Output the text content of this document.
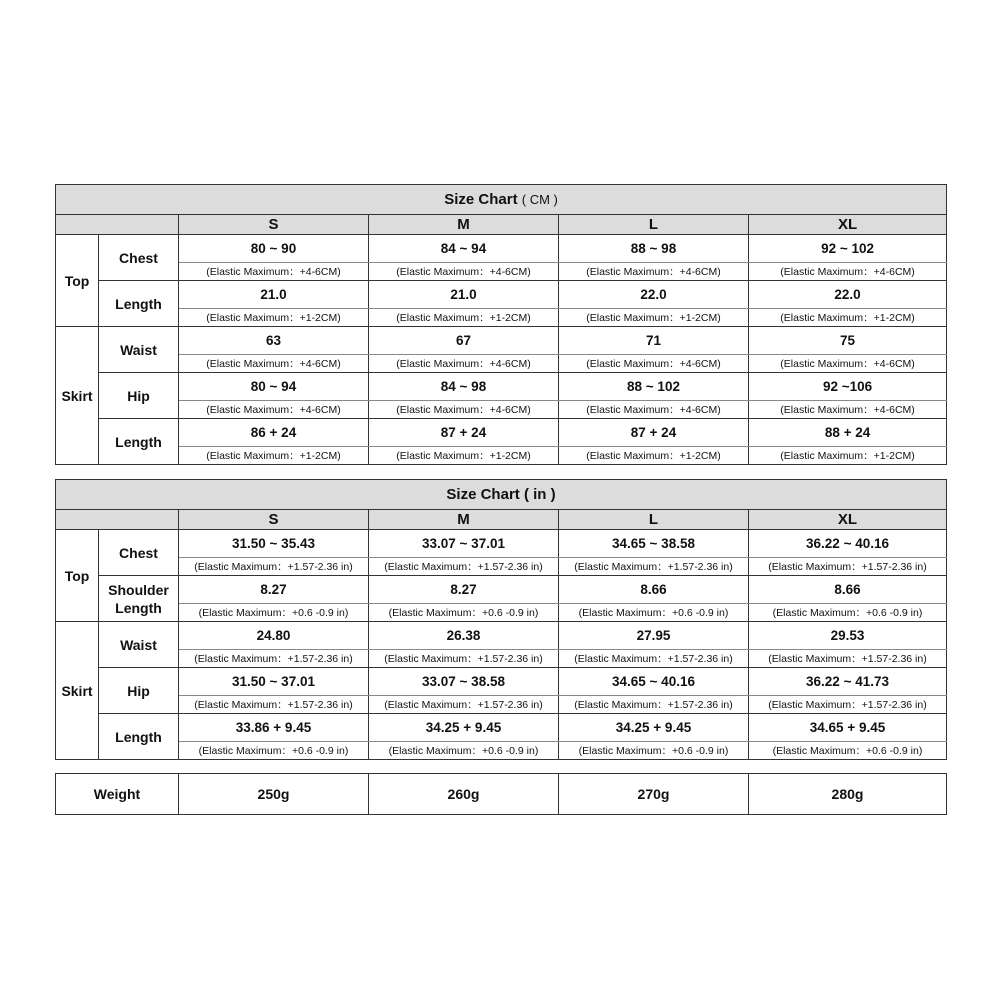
Size Chart ( CM )					
		S	M	L	XL
Top	Chest	80 ~ 90	84 ~ 94	88 ~ 98	92 ~ 102
		(Elastic Maximum：+4-6CM)	(Elastic Maximum：+4-6CM)	(Elastic Maximum：+4-6CM)	(Elastic Maximum：+4-6CM)
	Length	21.0	21.0	22.0	22.0
		(Elastic Maximum：+1-2CM)	(Elastic Maximum：+1-2CM)	(Elastic Maximum：+1-2CM)	(Elastic Maximum：+1-2CM)
Skirt	Waist	63	67	71	75
		(Elastic Maximum：+4-6CM)	(Elastic Maximum：+4-6CM)	(Elastic Maximum：+4-6CM)	(Elastic Maximum：+4-6CM)
	Hip	80 ~ 94	84 ~ 98	88 ~ 102	92 ~106
		(Elastic Maximum：+4-6CM)	(Elastic Maximum：+4-6CM)	(Elastic Maximum：+4-6CM)	(Elastic Maximum：+4-6CM)
	Length	86 + 24	87 + 24	87 + 24	88 + 24
		(Elastic Maximum：+1-2CM)	(Elastic Maximum：+1-2CM)	(Elastic Maximum：+1-2CM)	(Elastic Maximum：+1-2CM)
Size Chart ( in )					
		S	M	L	XL
Top	Chest	31.50 ~ 35.43	33.07 ~ 37.01	34.65 ~ 38.58	36.22 ~ 40.16
		(Elastic Maximum：+1.57-2.36 in)	(Elastic Maximum：+1.57-2.36 in)	(Elastic Maximum：+1.57-2.36 in)	(Elastic Maximum：+1.57-2.36 in)
	Shoulder Length	8.27	8.27	8.66	8.66
		(Elastic Maximum：+0.6 -0.9 in)	(Elastic Maximum：+0.6 -0.9 in)	(Elastic Maximum：+0.6 -0.9 in)	(Elastic Maximum：+0.6 -0.9 in)
Skirt	Waist	24.80	26.38	27.95	29.53
		(Elastic Maximum：+1.57-2.36 in)	(Elastic Maximum：+1.57-2.36 in)	(Elastic Maximum：+1.57-2.36 in)	(Elastic Maximum：+1.57-2.36 in)
	Hip	31.50 ~ 37.01	33.07 ~ 38.58	34.65 ~ 40.16	36.22 ~ 41.73
		(Elastic Maximum：+1.57-2.36 in)	(Elastic Maximum：+1.57-2.36 in)	(Elastic Maximum：+1.57-2.36 in)	(Elastic Maximum：+1.57-2.36 in)
	Length	33.86 + 9.45	34.25 + 9.45	34.25 + 9.45	34.65 + 9.45
		(Elastic Maximum：+0.6 -0.9 in)	(Elastic Maximum：+0.6 -0.9 in)	(Elastic Maximum：+0.6 -0.9 in)	(Elastic Maximum：+0.6 -0.9 in)
Weight	250g	260g	270g	280g
